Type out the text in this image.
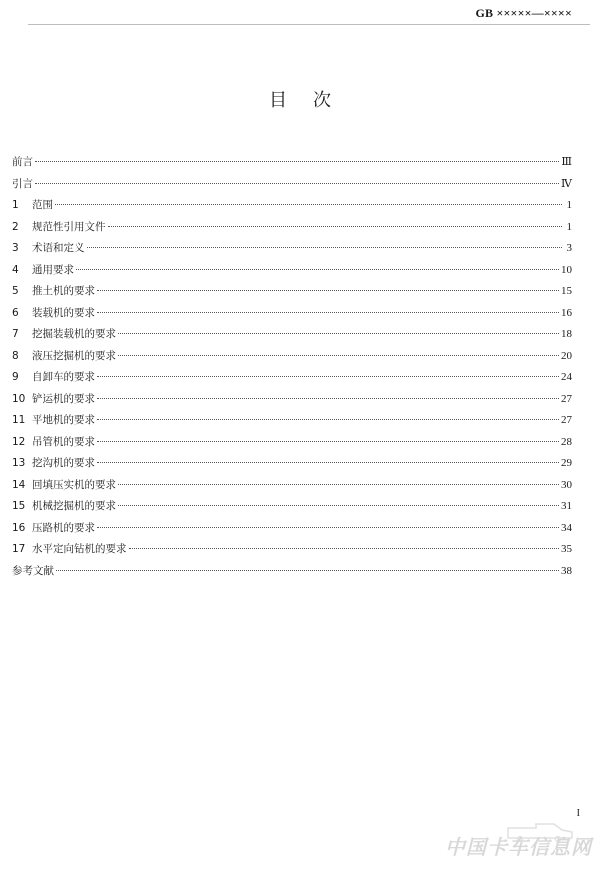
GB ×××××—××××
目次
前言	Ⅲ
引言	Ⅳ
1	范围	1
2	规范性引用文件	1
3	术语和定义	3
4	通用要求	10
5	推土机的要求	15
6	装载机的要求	16
7	挖掘装载机的要求	18
8	液压挖掘机的要求	20
9	自卸车的要求	24
10 铲运机的要求	27
11 平地机的要求	27
12 吊管机的要求	28
13 挖沟机的要求	29
14 回填压实机的要求	30
15 机械挖掘机的要求	31
16 压路机的要求	34
17 水平定向钻机的要求	35
参考文献	38
I
中国卡车信息网
